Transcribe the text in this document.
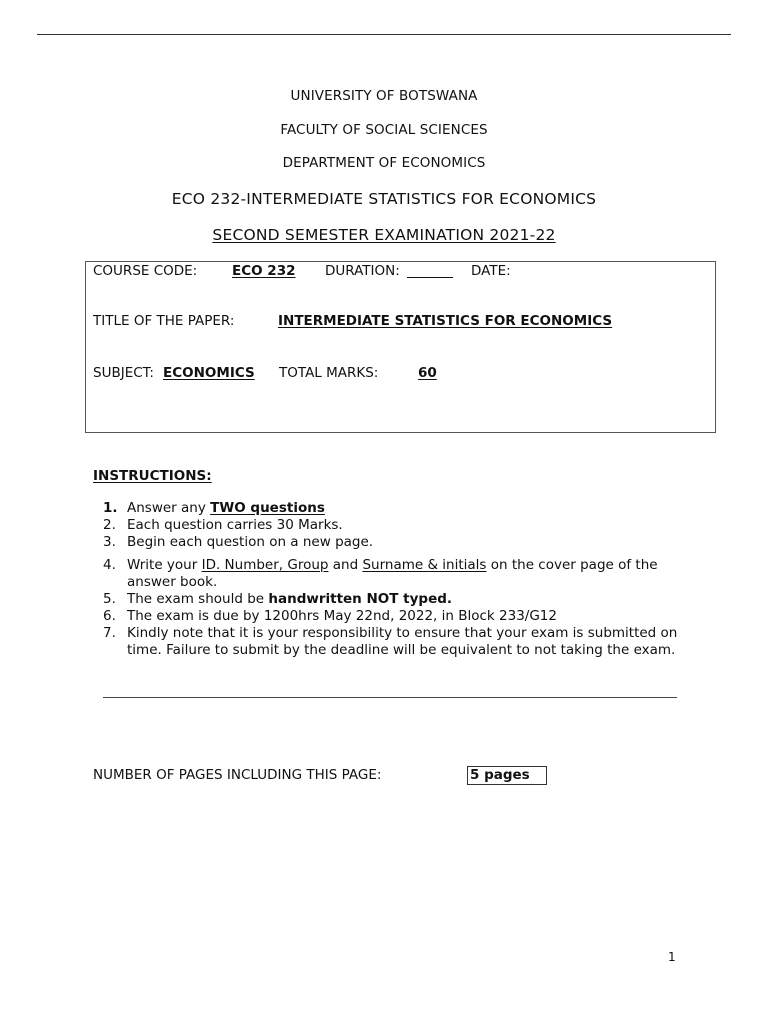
UNIVERSITY OF BOTSWANA
FACULTY OF SOCIAL SCIENCES
DEPARTMENT OF ECONOMICS
ECO 232-INTERMEDIATE STATISTICS FOR ECONOMICS
SECOND SEMESTER EXAMINATION 2021-22
COURSE CODE:	ECO 232 DURATION:	DATE:
TITLE OF THE PAPER:	INTERMEDIATE STATISTICS FOR ECONOMICS
SUBJECT: ECONOMICS TOTAL MARKS:	60
INSTRUCTIONS:
1. Answer any TWO questions
2. Each question carries 30 Marks.
3. Begin each question on a new page.
4. Write your ID. Number, Group and Surname & initials on the cover page of the answer book.
5. The exam should be handwritten NOT typed.
6. The exam is due by 1200hrs May 22nd, 2022, in Block 233/G12
7. Kindly note that it is your responsibility to ensure that your exam is submitted on time. Failure to submit by the deadline will be equivalent to not taking the exam.
NUMBER OF PAGES INCLUDING THIS PAGE:	5 pages
1
